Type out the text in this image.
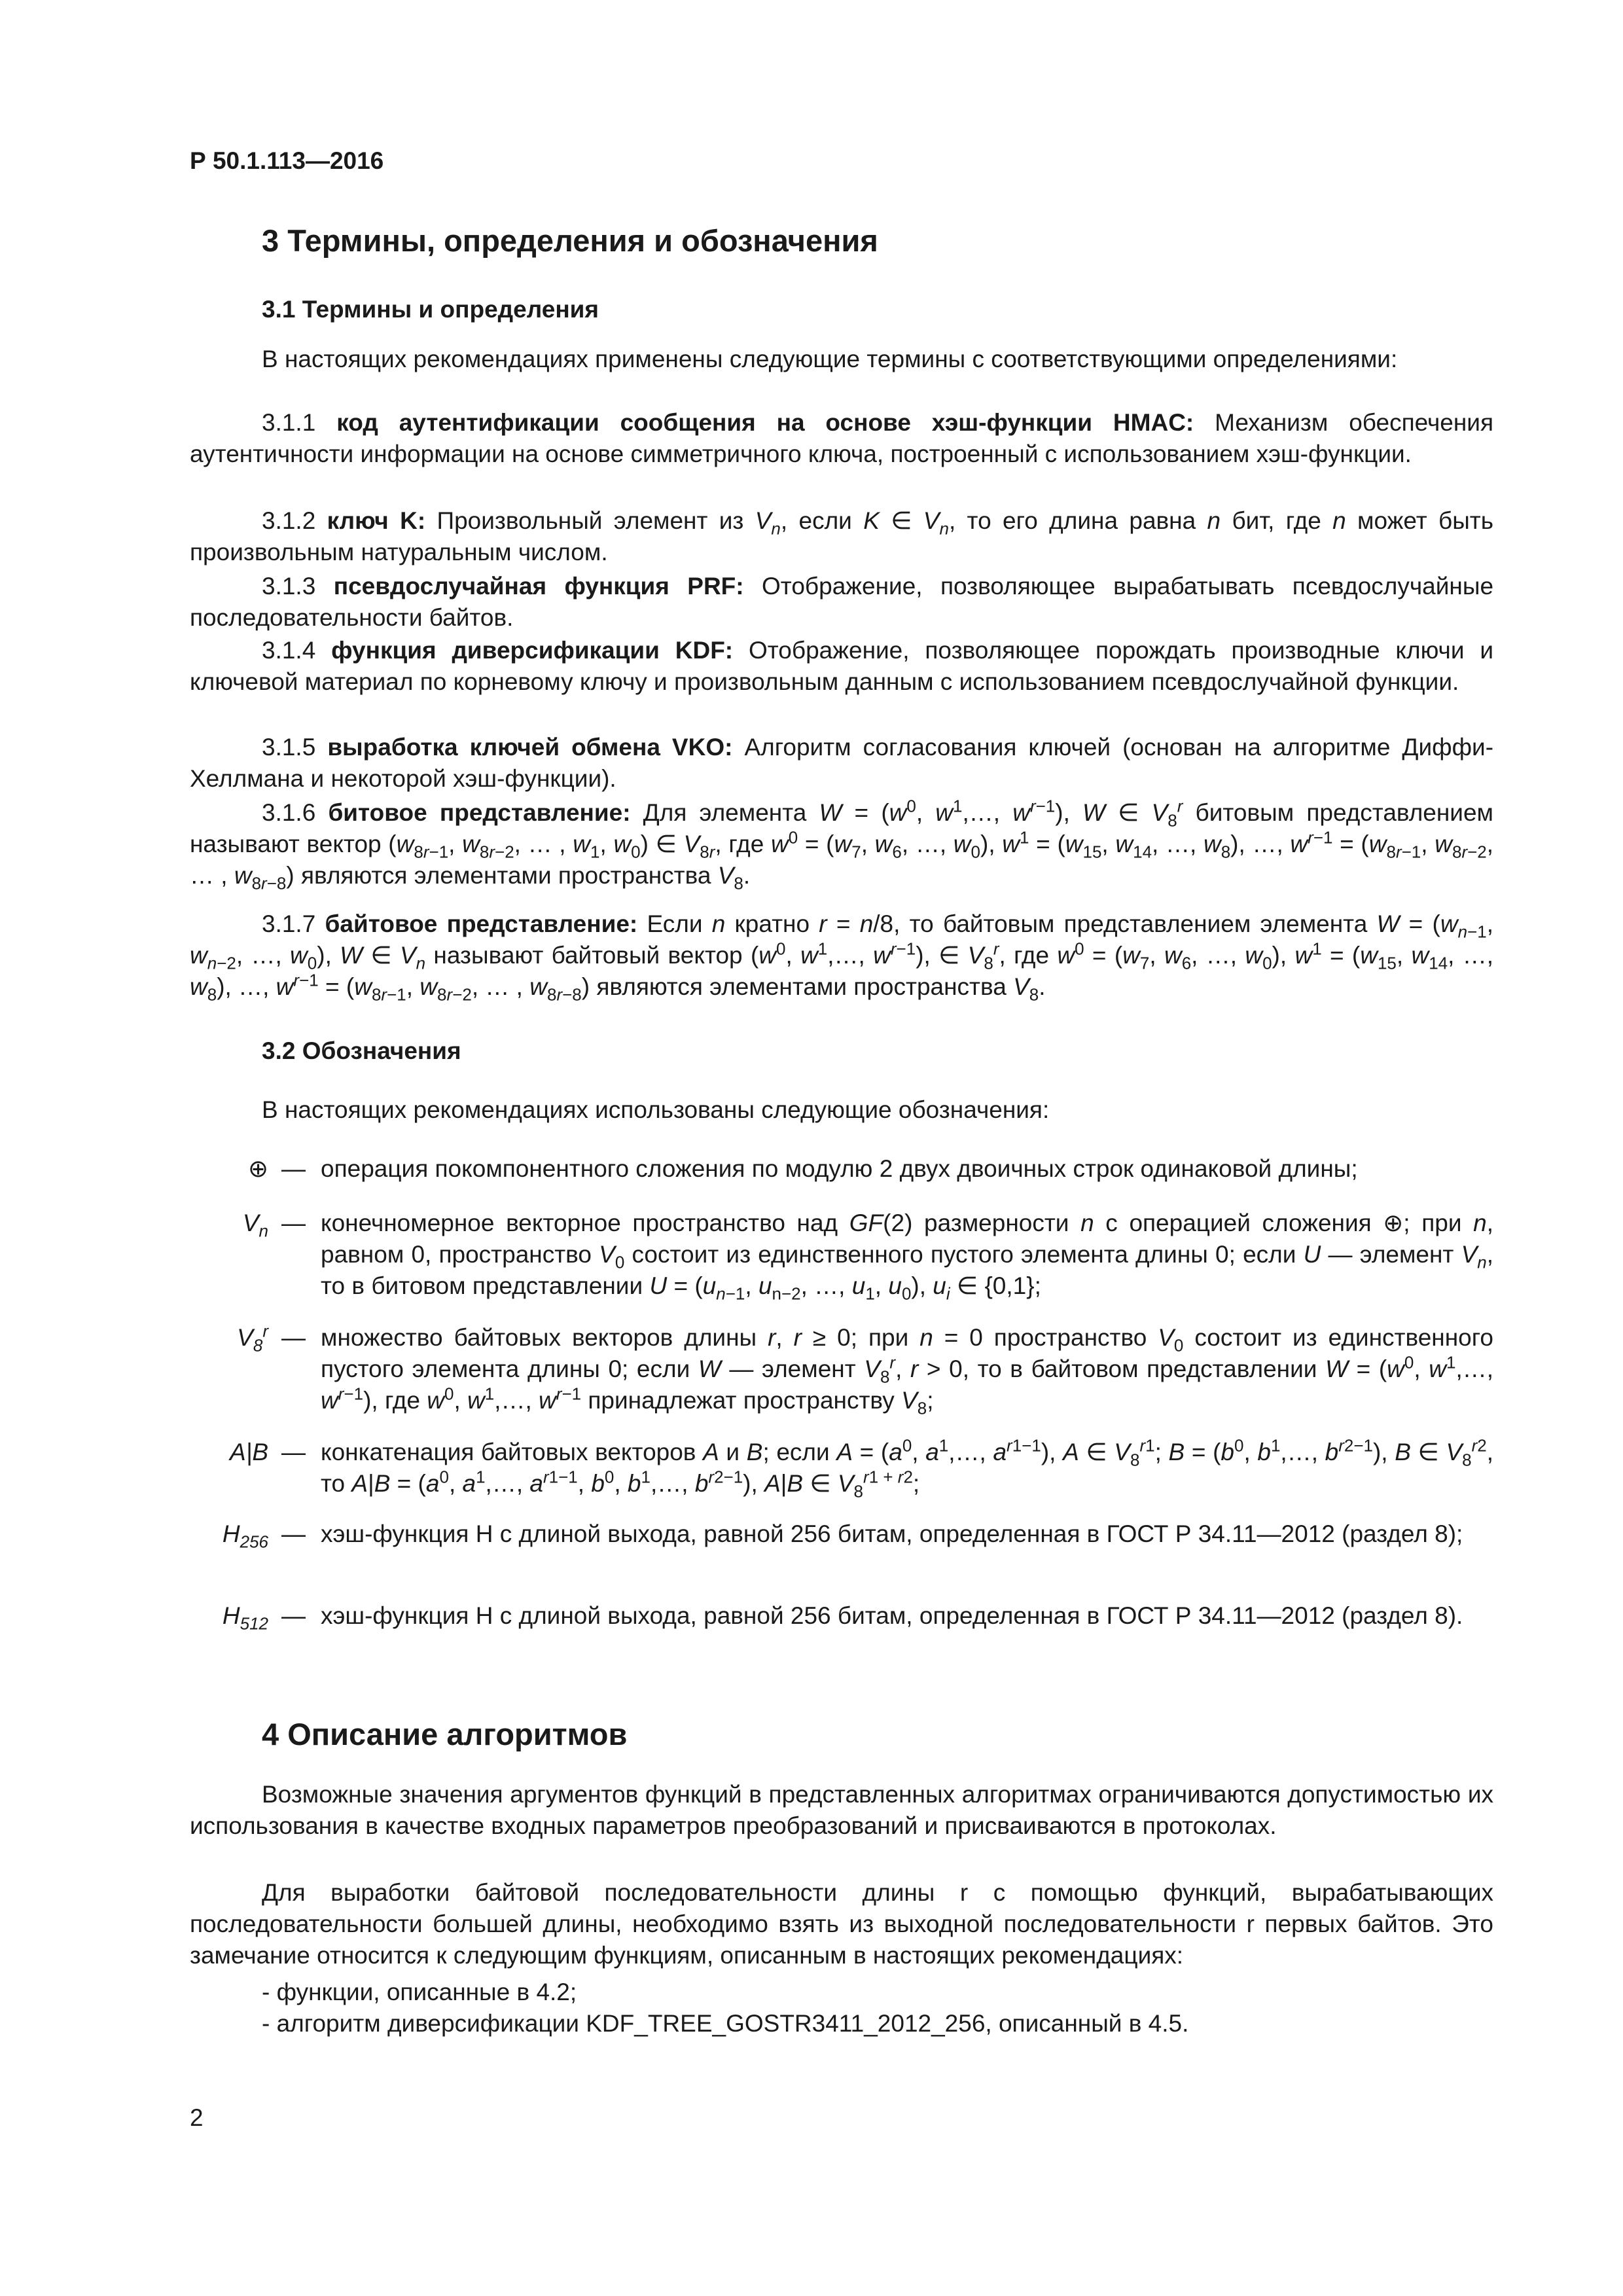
Р 50.1.113—2016
3 Термины, определения и обозначения
3.1 Термины и определения
В настоящих рекомендациях применены следующие термины с соответствующими определениями:
3.1.1 код аутентификации сообщения на основе хэш-функции HMAC: Механизм обеспечения аутентичности информации на основе симметричного ключа, построенный с использованием хэш-функции.
3.1.2 ключ K: Произвольный элемент из $V_n$, если K ∈ $V_n$, то его длина равна n бит, где n может быть произвольным натуральным числом.
3.1.3 псевдослучайная функция PRF: Отображение, позволяющее вырабатывать псевдослучайные последовательности байтов.
3.1.4 функция диверсификации KDF: Отображение, позволяющее порождать производные ключи и ключевой материал по корневому ключу и произвольным данным с использованием псевдослучайной функции.
3.1.5 выработка ключей обмена VKO: Алгоритм согласования ключей (основан на алгоритме Диффи-Хеллмана и некоторой хэш-функции).
3.1.6 битовое представление: Для элемента $W = (w^0$, $w^1,\dots$, $w^{r-1}$), W ∈ $V_8^r$ битовым представлением называют вектор ($w_{8r-1}$, $w_{8r-2}$, … , $w_1$, $w_0$) ∈ $V_{8r}$, где $w^0 = (w_7$, $w_6$, …, $w_0$), $w^1 = (w_{15}$, $w_{14}$, …, $w_8$), …, $w^{r-1} = (w_{8r-1}$, $w_{8r-2}$, … , $w_{8r-8}$) являются элементами пространства $V_8$.
3.1.7 байтовое представление: Если n кратно r = n/8, то байтовым представлением элемента $W = (w_{n-1}$, $w_{n-2}$, …, $w_0$), W ∈ $V_n$ называют байтовый вектор ($w^0$, $w^1,\dots$, $w^{r-1}$), ∈ $V_8^r$, где $w^0 = (w_7$, $w_6$, …, $w_0$), $w^1 = (w_{15}$, $w_{14}$, …, $w_8$), …, $w^{r-1} = (w_{8r-1}$, $w_{8r-2}$, … , $w_{8r-8}$) являются элементами пространства $V_8$.
3.2 Обозначения
В настоящих рекомендациях использованы следующие обозначения:
⊕ — операция покомпонентного сложения по модулю 2 двух двоичных строк одинаковой длины;
$V_n$ — конечномерное векторное пространство над GF(2) размерности n с операцией сложения ⊕; при n, равном 0, пространство $V_0$ состоит из единственного пустого элемента длины 0; если U — элемент $V_n$, то в битовом представлении $U = (u_{n-1}$, $u_{n-2}$, …, $u_1$, $u_0$), $u_i$ ∈ {0,1};
$V_8^r$ — множество байтовых векторов длины r, r ≥ 0; при n = 0 пространство $V_0$ состоит из единственного пустого элемента длины 0; если W — элемент $V_8^r$, r > 0, то в байтовом представлении $W = (w^0$, $w^1,\dots$, $w^{r-1}$), где $w^0$, $w^1,\dots$, $w^{r-1}$ принадлежат пространству $V_8$;
A|B — конкатенация байтовых векторов A и B; если $A = (a^0$, $a^1,\dots$, $a^{r1-1}$), A ∈ $V_8^{r1}$; $B = (b^0$, $b^1,\dots$, $b^{r2-1}$), B ∈ $V_8^{r2}$, то $A|B = (a^0$, $a^1,\dots$, $a^{r1-1}$, $b^0$, $b^1,\dots$, $b^{r2-1}$), A|B ∈ $V_8^{r1 + r2}$;
$H_{256}$ — хэш-функция H с длиной выхода, равной 256 битам, определенная в ГОСТ Р 34.11—2012 (раздел 8);
$H_{512}$ — хэш-функция H с длиной выхода, равной 256 битам, определенная в ГОСТ Р 34.11—2012 (раздел 8).
4 Описание алгоритмов
Возможные значения аргументов функций в представленных алгоритмах ограничиваются допустимостью их использования в качестве входных параметров преобразований и присваиваются в протоколах.
Для выработки байтовой последовательности длины r с помощью функций, вырабатывающих последовательности большей длины, необходимо взять из выходной последовательности r первых байтов. Это замечание относится к следующим функциям, описанным в настоящих рекомендациях:
- функции, описанные в 4.2;
- алгоритм диверсификации KDF_TREE_GOSTR3411_2012_256, описанный в 4.5.
2
